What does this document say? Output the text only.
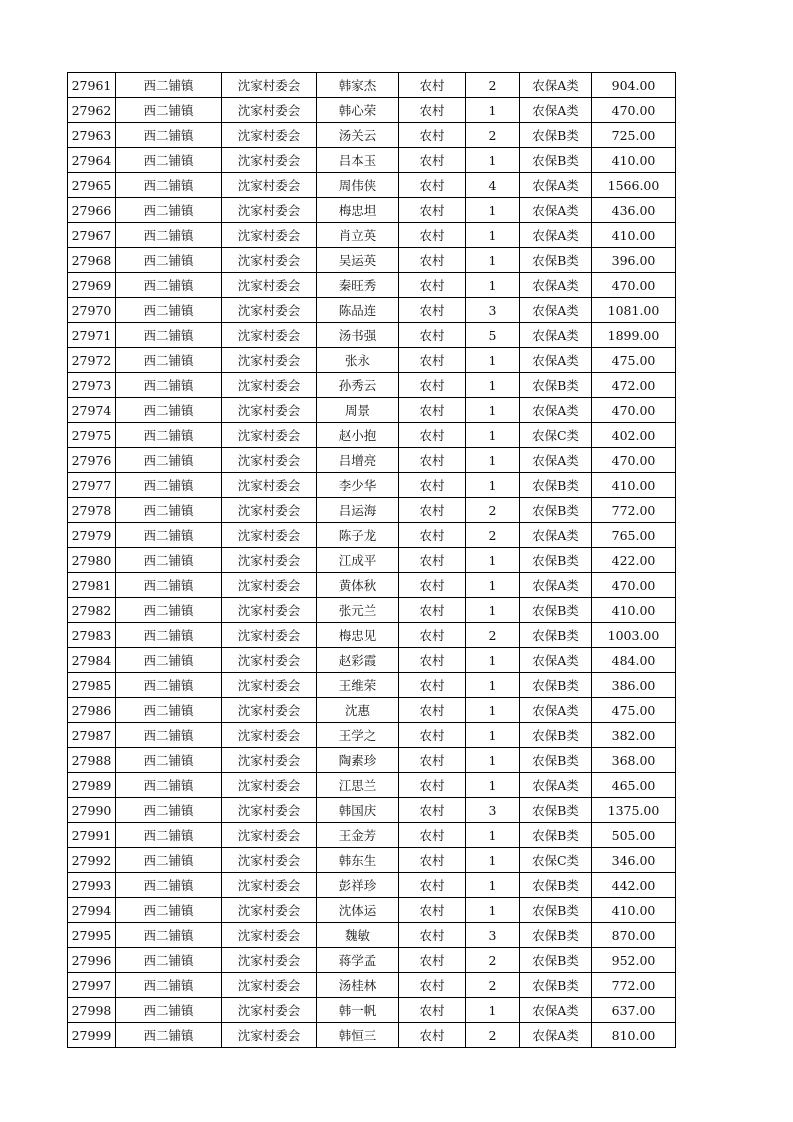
27961	西二铺镇	沈家村委会	韩家杰	农村	2	农保A类	904.00
27962	西二铺镇	沈家村委会	韩心荣	农村	1	农保A类	470.00
27963	西二铺镇	沈家村委会	汤关云	农村	2	农保B类	725.00
27964	西二铺镇	沈家村委会	吕本玉	农村	1	农保B类	410.00
27965	西二铺镇	沈家村委会	周伟侠	农村	4	农保A类	1566.00
27966	西二铺镇	沈家村委会	梅忠坦	农村	1	农保A类	436.00
27967	西二铺镇	沈家村委会	肖立英	农村	1	农保A类	410.00
27968	西二铺镇	沈家村委会	吴运英	农村	1	农保B类	396.00
27969	西二铺镇	沈家村委会	秦旺秀	农村	1	农保A类	470.00
27970	西二铺镇	沈家村委会	陈品连	农村	3	农保A类	1081.00
27971	西二铺镇	沈家村委会	汤书强	农村	5	农保A类	1899.00
27972	西二铺镇	沈家村委会	张永	农村	1	农保A类	475.00
27973	西二铺镇	沈家村委会	孙秀云	农村	1	农保B类	472.00
27974	西二铺镇	沈家村委会	周景	农村	1	农保A类	470.00
27975	西二铺镇	沈家村委会	赵小抱	农村	1	农保C类	402.00
27976	西二铺镇	沈家村委会	吕增亮	农村	1	农保A类	470.00
27977	西二铺镇	沈家村委会	李少华	农村	1	农保B类	410.00
27978	西二铺镇	沈家村委会	吕运海	农村	2	农保B类	772.00
27979	西二铺镇	沈家村委会	陈子龙	农村	2	农保A类	765.00
27980	西二铺镇	沈家村委会	江成平	农村	1	农保B类	422.00
27981	西二铺镇	沈家村委会	黄体秋	农村	1	农保A类	470.00
27982	西二铺镇	沈家村委会	张元兰	农村	1	农保B类	410.00
27983	西二铺镇	沈家村委会	梅忠见	农村	2	农保B类	1003.00
27984	西二铺镇	沈家村委会	赵彩霞	农村	1	农保A类	484.00
27985	西二铺镇	沈家村委会	王维荣	农村	1	农保B类	386.00
27986	西二铺镇	沈家村委会	沈惠	农村	1	农保A类	475.00
27987	西二铺镇	沈家村委会	王学之	农村	1	农保B类	382.00
27988	西二铺镇	沈家村委会	陶素珍	农村	1	农保B类	368.00
27989	西二铺镇	沈家村委会	江思兰	农村	1	农保A类	465.00
27990	西二铺镇	沈家村委会	韩国庆	农村	3	农保B类	1375.00
27991	西二铺镇	沈家村委会	王金芳	农村	1	农保B类	505.00
27992	西二铺镇	沈家村委会	韩东生	农村	1	农保C类	346.00
27993	西二铺镇	沈家村委会	彭祥珍	农村	1	农保B类	442.00
27994	西二铺镇	沈家村委会	沈体运	农村	1	农保B类	410.00
27995	西二铺镇	沈家村委会	魏敏	农村	3	农保B类	870.00
27996	西二铺镇	沈家村委会	蒋学孟	农村	2	农保B类	952.00
27997	西二铺镇	沈家村委会	汤桂林	农村	2	农保B类	772.00
27998	西二铺镇	沈家村委会	韩一帆	农村	1	农保A类	637.00
27999	西二铺镇	沈家村委会	韩恒三	农村	2	农保A类	810.00
